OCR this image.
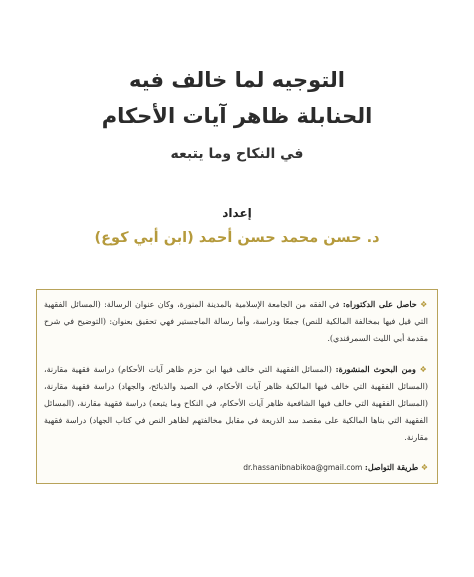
التوجيه لما خالف فيه
الحنابلة ظاهر آيات الأحكام
في النكاح وما يتبعه
إعداد
د. حسن محمد حسن أحمد (ابن أبي كوع)
❖ حاصل على الدكتوراه: في الفقه من الجامعة الإسلامية بالمدينة المنورة، وكان عنوان الرسالة: (المسائل الفقهية التي قيل فيها بمخالفة المالكية للنص) جمعًا ودراسة، وأما رسالة الماجستير فهي تحقيق بعنوان: (التوضيح في شرح مقدمة أبي الليث السمرقندي).
❖ ومن البحوث المنشورة: (المسائل الفقهية التي خالف فيها ابن حزم ظاهر آيات الأحكام) دراسة فقهية مقارنة، (المسائل الفقهية التي خالف فيها المالكية ظاهر آيات الأحكام، في الصيد والذبائح، والجهاد) دراسة فقهية مقارنة، (المسائل الفقهية التي خالف فيها الشافعية ظاهر آيات الأحكام، في النكاح وما يتبعه) دراسة فقهية مقارنة، (المسائل الفقهية التي بناها المالكية على مقصد سد الذريعة في مقابل مخالفتهم لظاهر النص في كتاب الجهاد) دراسة فقهية مقارنة.
❖ طريقة التواصل: dr.hassanibnabikoa@gmail.com
